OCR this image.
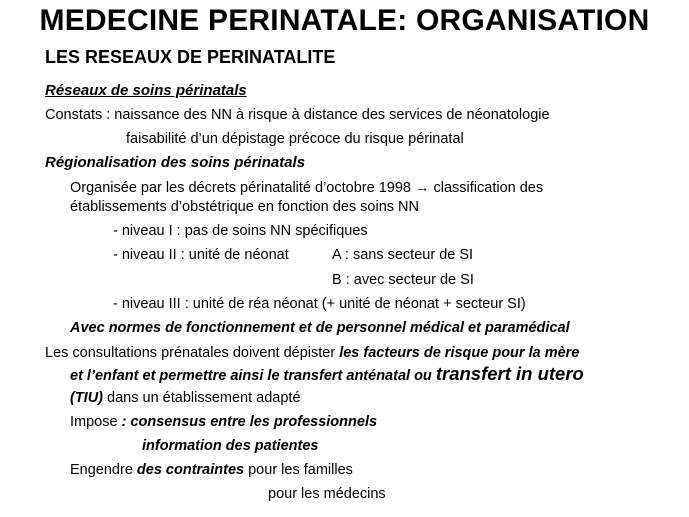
MEDECINE PERINATALE: ORGANISATION
LES RESEAUX DE PERINATALITE
Réseaux de soins périnatals
Constats : naissance des NN à risque à distance des services de néonatologie
faisabilité d’un dépistage précoce du risque périnatal
Régionalisation des soins périnatals
Organisée par les décrets périnatalité d’octobre 1998 → classification des
établissements d’obstétrique en fonction des soins NN
- niveau I : pas de soins NN spécifiques
- niveau II : unité de néonat	A : sans secteur de SI
B : avec secteur de SI
- niveau III : unité de réa néonat (+ unité de néonat + secteur SI)
Avec normes de fonctionnement et de personnel médical et paramédical
Les consultations prénatales doivent dépister les facteurs de risque pour la mère
et l’enfant et permettre ainsi le transfert anténatal ou transfert in utero
(TIU) dans un établissement adapté
Impose : consensus entre les professionnels
information des patientes
Engendre des contraintes pour les familles
pour les médecins
